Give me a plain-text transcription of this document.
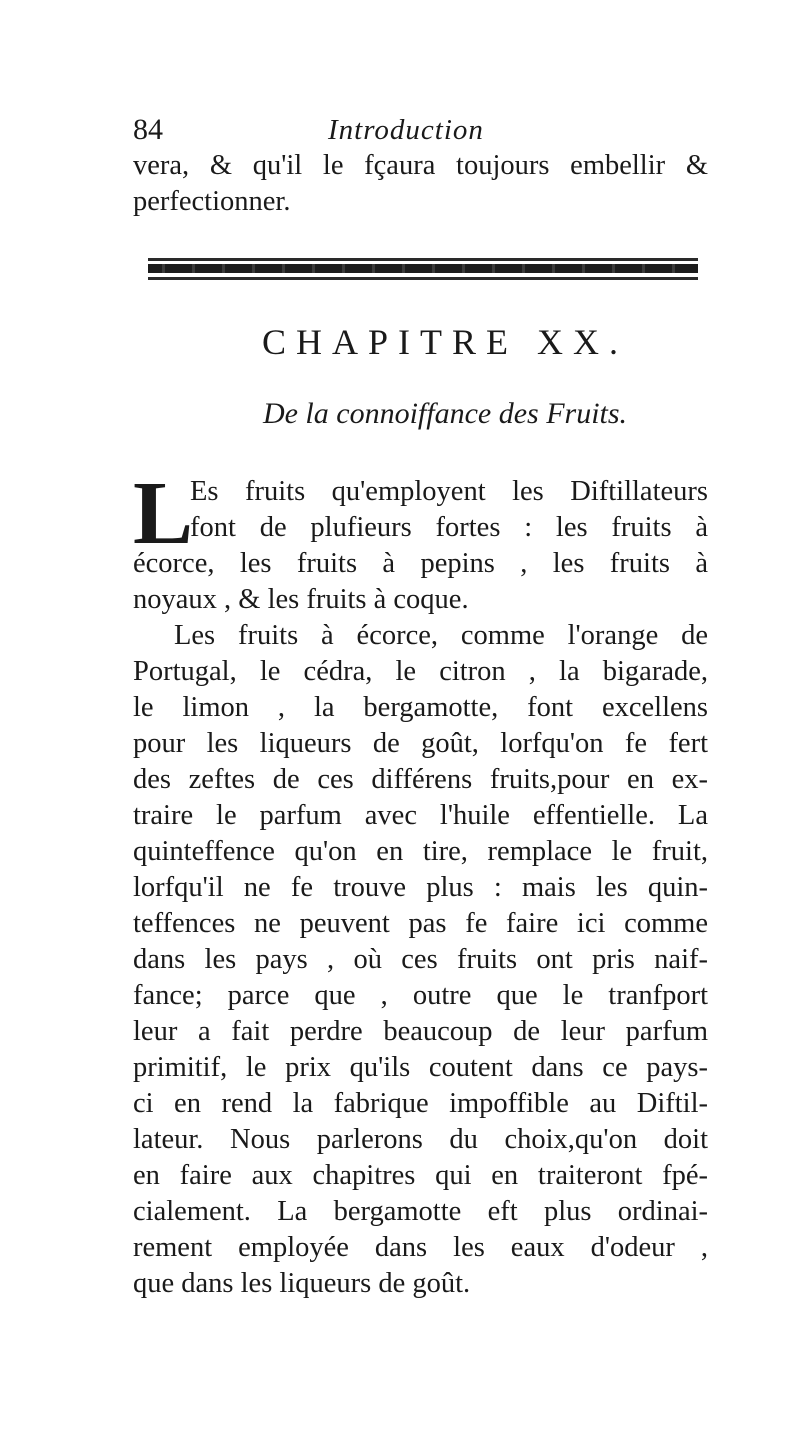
84	Introduction
vera, & qu'il le fçaura toujours embellir &
perfectionner.
CHAPITRE XX.
De la connoiffance des Fruits.
L
Es fruits qu'employent les Diftillateurs
font de plufieurs fortes : les fruits à
écorce, les fruits à pepins , les fruits à
noyaux , & les fruits à coque.
Les fruits à écorce, comme l'orange de
Portugal, le cédra, le citron , la bigarade,
le limon , la bergamotte, font excellens
pour les liqueurs de goût, lorfqu'on fe fert
des zeftes de ces différens fruits,pour en ex-
traire le parfum avec l'huile effentielle. La
quinteffence qu'on en tire, remplace le fruit,
lorfqu'il ne fe trouve plus : mais les quin-
teffences ne peuvent pas fe faire ici comme
dans les pays , où ces fruits ont pris naif-
fance; parce que , outre que le tranfport
leur a fait perdre beaucoup de leur parfum
primitif, le prix qu'ils coutent dans ce pays-
ci en rend la fabrique impoffible au Diftil-
lateur. Nous parlerons du choix,qu'on doit
en faire aux chapitres qui en traiteront fpé-
cialement. La bergamotte eft plus ordinai-
rement employée dans les eaux d'odeur ,
que dans les liqueurs de goût.
